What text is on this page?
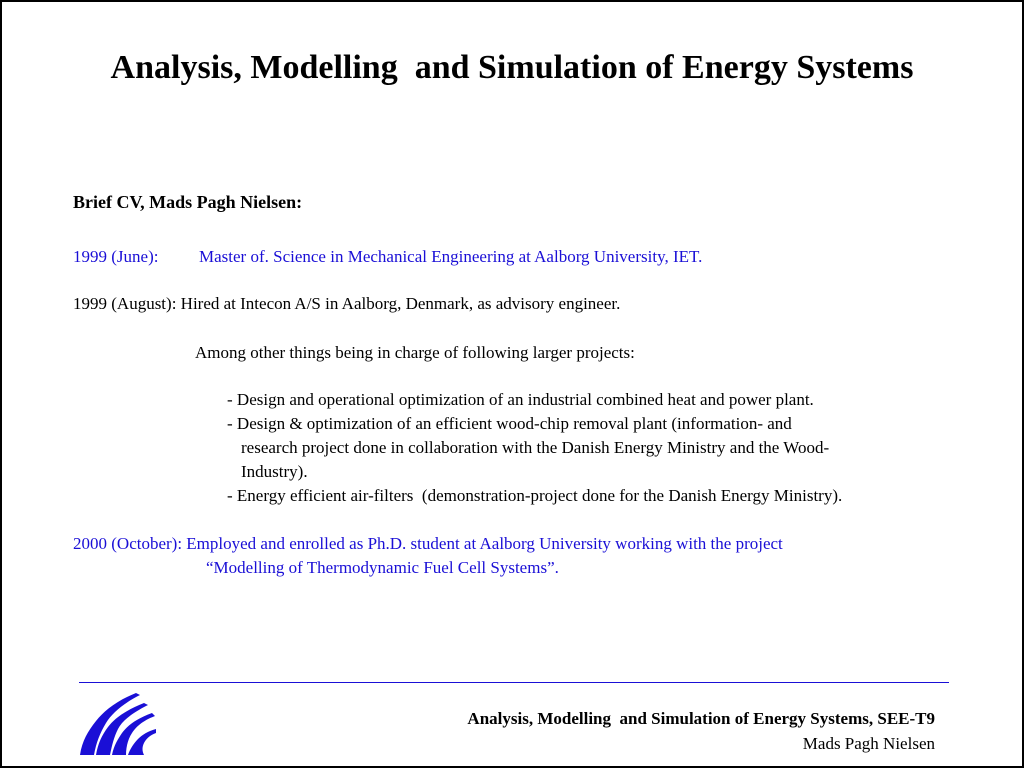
Analysis, Modelling  and Simulation of Energy Systems
Brief CV, Mads Pagh Nielsen:
1999 (June): Master of. Science in Mechanical Engineering at Aalborg University, IET.
1999 (August): Hired at Intecon A/S in Aalborg, Denmark, as advisory engineer.
Among other things being in charge of following larger projects:
- Design and operational optimization of an industrial combined heat and power plant.
- Design & optimization of an efficient wood-chip removal plant (information- and
research project done in collaboration with the Danish Energy Ministry and the Wood-
Industry).
- Energy efficient air-filters  (demonstration-project done for the Danish Energy Ministry).
2000 (October): Employed and enrolled as Ph.D. student at Aalborg University working with the project
“Modelling of Thermodynamic Fuel Cell Systems”.
Analysis, Modelling  and Simulation of Energy Systems, SEE-T9
Mads Pagh Nielsen
